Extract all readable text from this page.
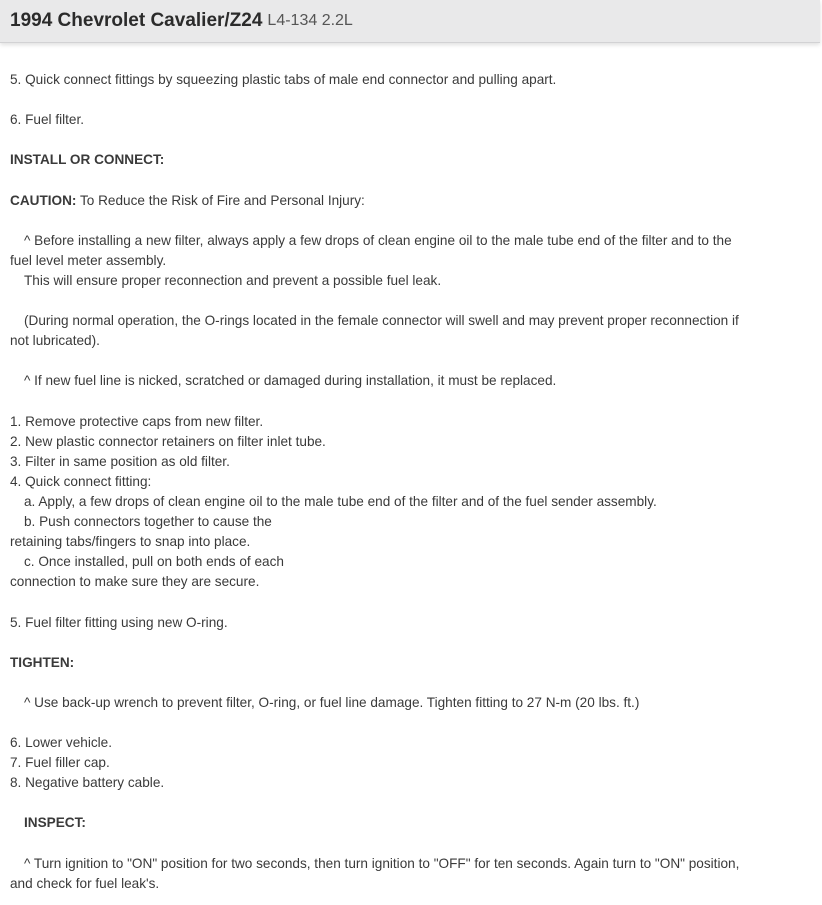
1994 Chevrolet Cavalier/Z24 L4-134 2.2L
5. Quick connect fittings by squeezing plastic tabs of male end connector and pulling apart.
6. Fuel filter.
INSTALL OR CONNECT:
CAUTION: To Reduce the Risk of Fire and Personal Injury:
^ Before installing a new filter, always apply a few drops of clean engine oil to the male tube end of the filter and to the
fuel level meter assembly.
This will ensure proper reconnection and prevent a possible fuel leak.
(During normal operation, the O-rings located in the female connector will swell and may prevent proper reconnection if
not lubricated).
^ If new fuel line is nicked, scratched or damaged during installation, it must be replaced.
1. Remove protective caps from new filter.
2. New plastic connector retainers on filter inlet tube.
3. Filter in same position as old filter.
4. Quick connect fitting:
a. Apply, a few drops of clean engine oil to the male tube end of the filter and of the fuel sender assembly.
b. Push connectors together to cause the
retaining tabs/fingers to snap into place.
c. Once installed, pull on both ends of each
connection to make sure they are secure.
5. Fuel filter fitting using new O-ring.
TIGHTEN:
^ Use back-up wrench to prevent filter, O-ring, or fuel line damage. Tighten fitting to 27 N-m (20 lbs. ft.)
6. Lower vehicle.
7. Fuel filler cap.
8. Negative battery cable.
INSPECT:
^ Turn ignition to "ON" position for two seconds, then turn ignition to "OFF" for ten seconds. Again turn to "ON" position,
and check for fuel leak's.
